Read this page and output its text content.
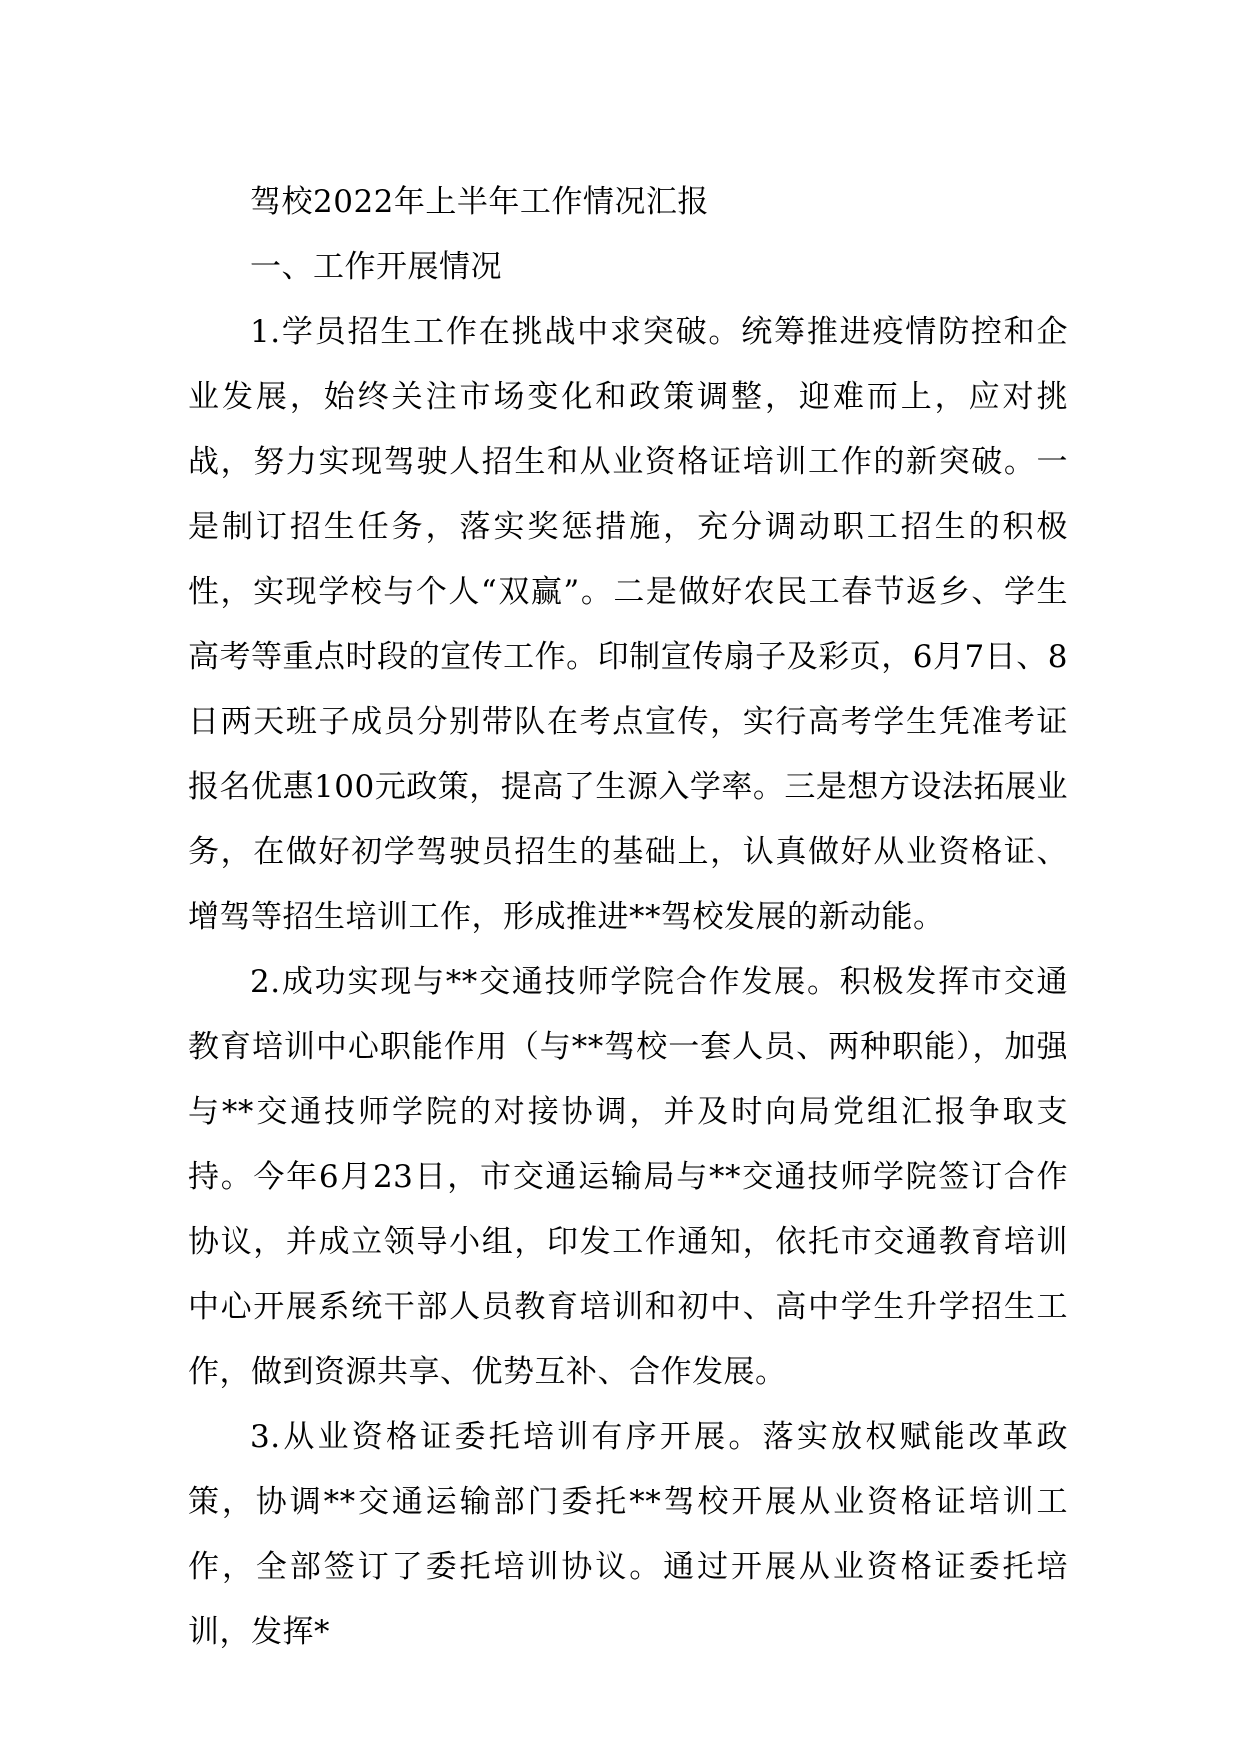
驾校2022年上半年工作情况汇报

一、工作开展情况

1.学员招生工作在挑战中求突破。统筹推进疫情防控和企业发展，始终关注市场变化和政策调整，迎难而上，应对挑战，努力实现驾驶人招生和从业资格证培训工作的新突破。一是制订招生任务，落实奖惩措施，充分调动职工招生的积极性，实现学校与个人“双赢”。二是做好农民工春节返乡、学生高考等重点时段的宣传工作。印制宣传扇子及彩页，6月7日、8日两天班子成员分别带队在考点宣传，实行高考学生凭准考证报名优惠100元政策，提高了生源入学率。三是想方设法拓展业务，在做好初学驾驶员招生的基础上，认真做好从业资格证、增驾等招生培训工作，形成推进**驾校发展的新动能。

2.成功实现与**交通技师学院合作发展。积极发挥市交通教育培训中心职能作用（与**驾校一套人员、两种职能），加强与**交通技师学院的对接协调，并及时向局党组汇报争取支持。今年6月23日，市交通运输局与**交通技师学院签订合作协议，并成立领导小组，印发工作通知，依托市交通教育培训中心开展系统干部人员教育培训和初中、高中学生升学招生工作，做到资源共享、优势互补、合作发展。

3.从业资格证委托培训有序开展。落实放权赋能改革政策，协调**交通运输部门委托**驾校开展从业资格证培训工作，全部签订了委托培训协议。通过开展从业资格证委托培训，发挥*
